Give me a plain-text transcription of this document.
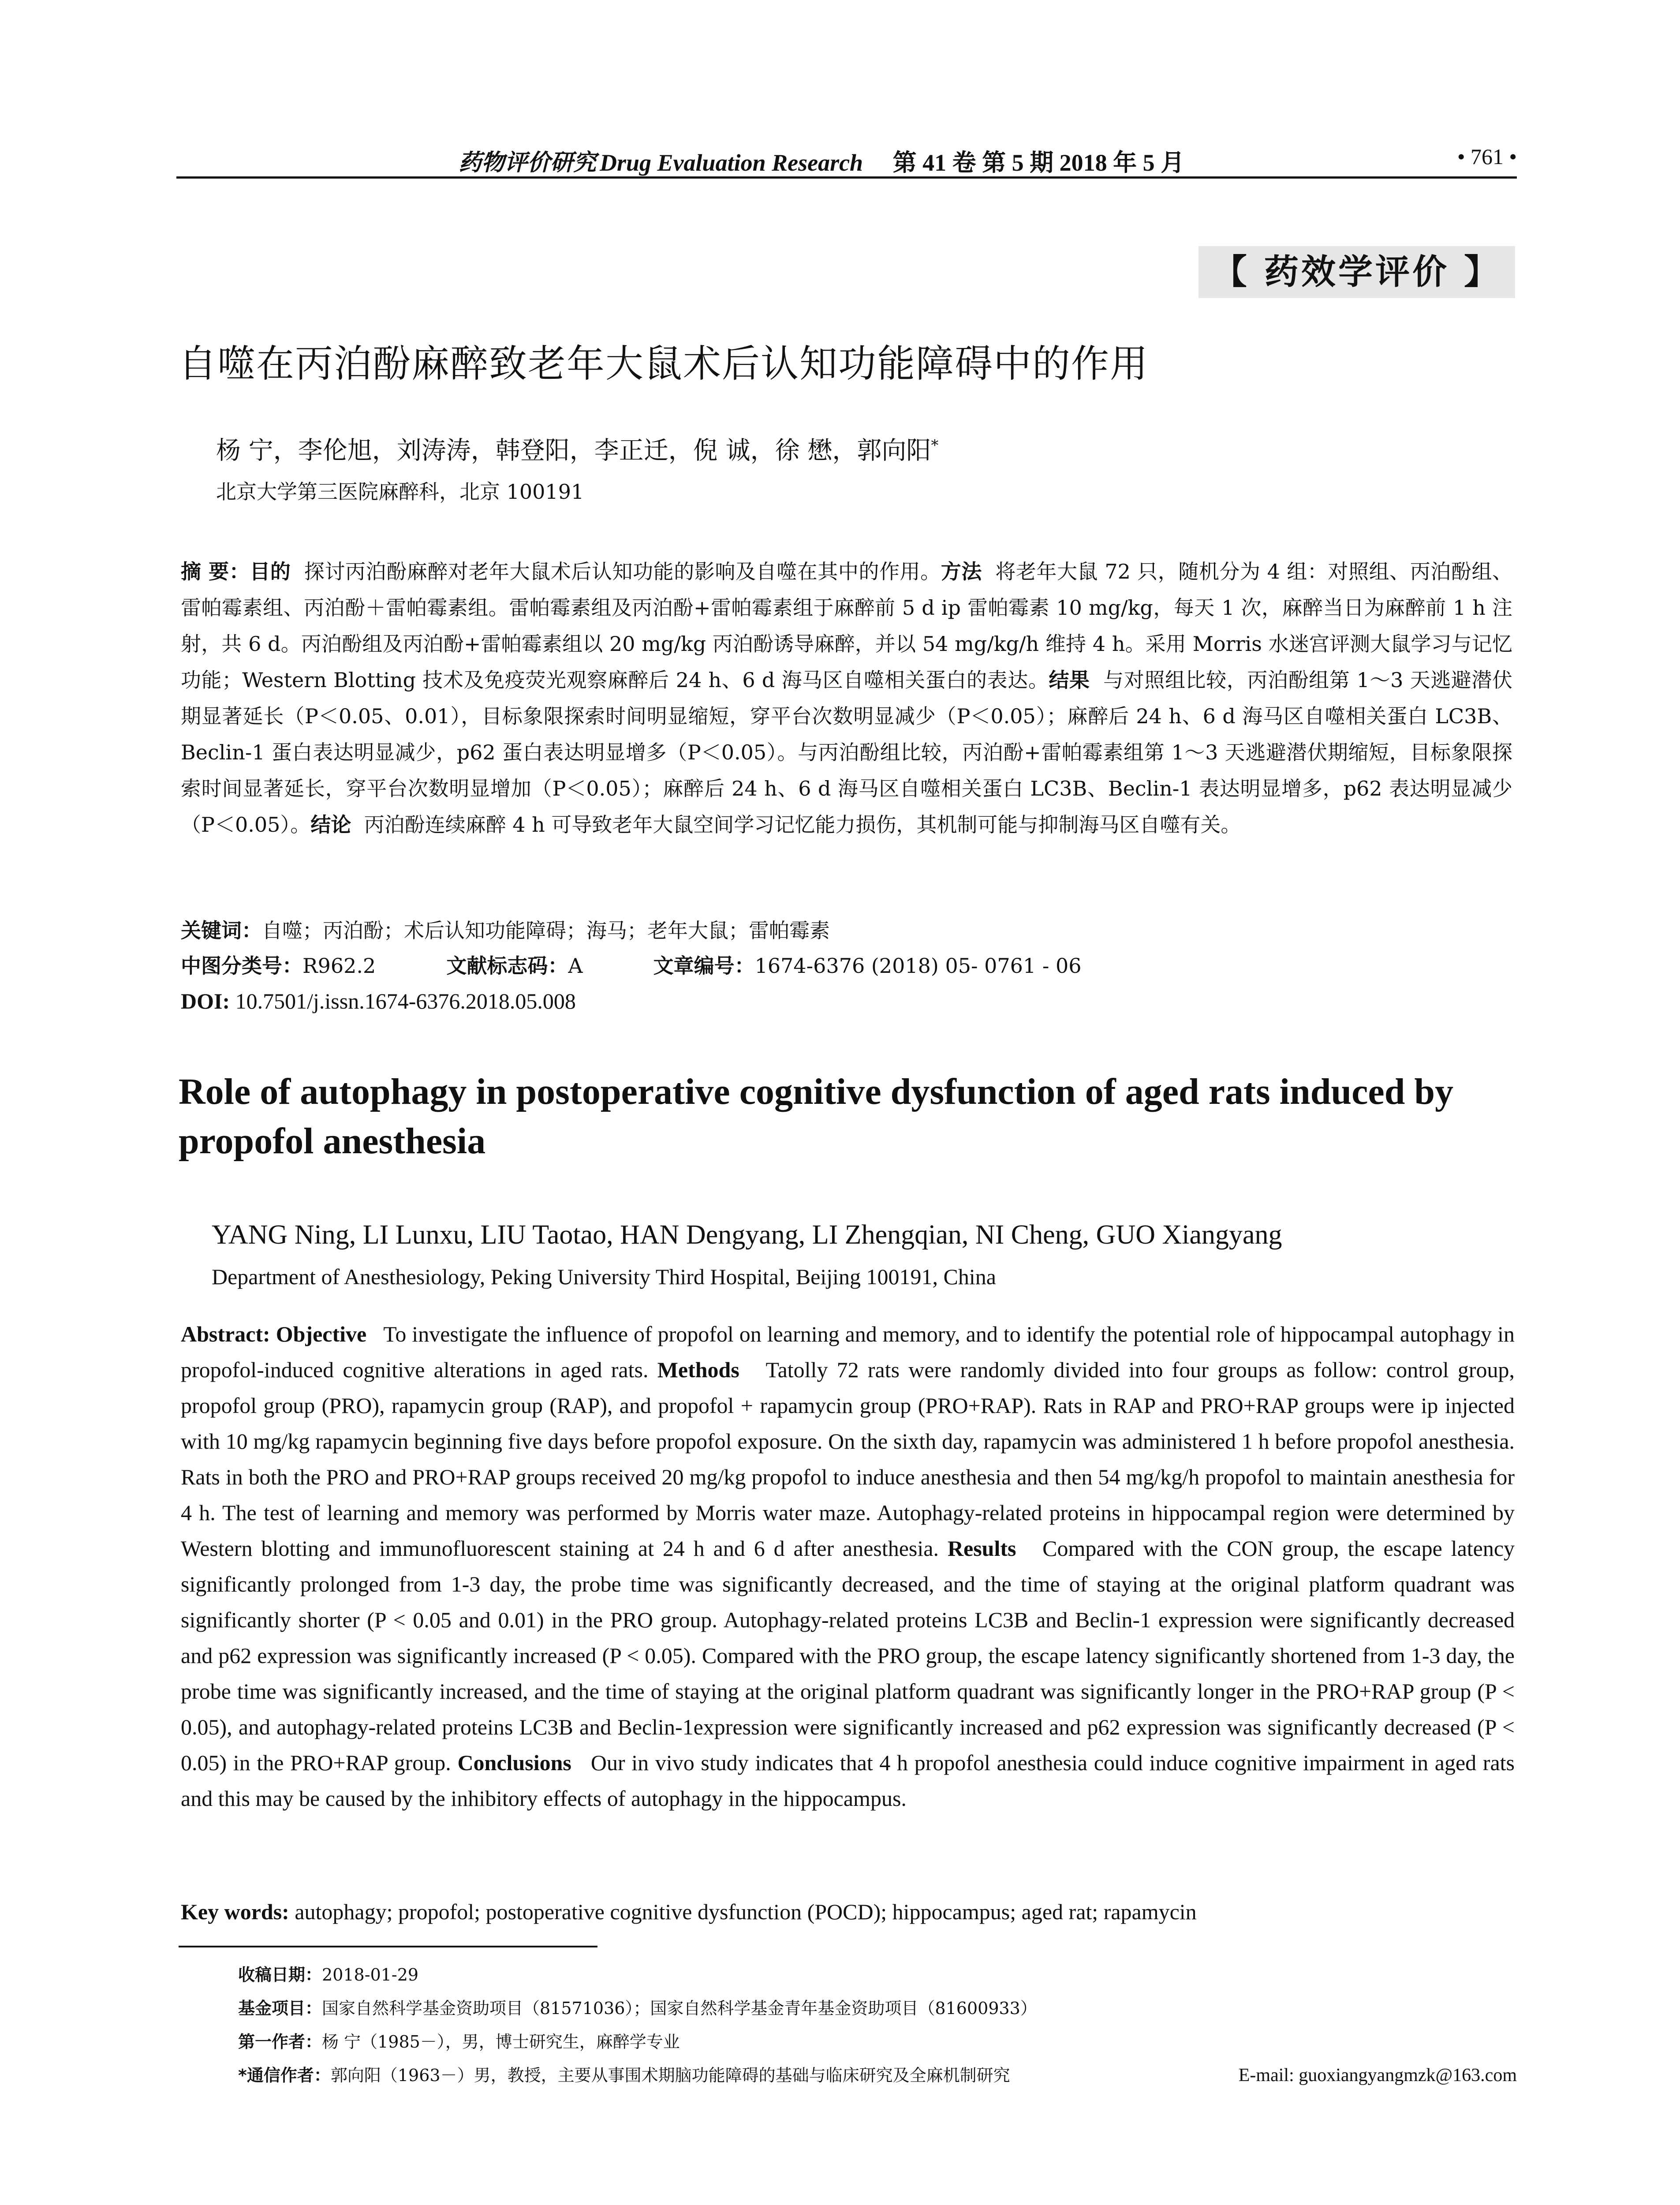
药物评价研究 Drug Evaluation Research 第 41 卷 第 5 期 2018 年 5 月	• 761 •
【 药效学评价 】
自噬在丙泊酚麻醉致老年大鼠术后认知功能障碍中的作用
杨 宁，李伦旭，刘涛涛，韩登阳，李正迁，倪 诚，徐 懋，郭向阳*
北京大学第三医院麻醉科，北京 100191
摘 要：目的 探讨丙泊酚麻醉对老年大鼠术后认知功能的影响及自噬在其中的作用。方法 将老年大鼠 72 只，随机分为 4 组：对照组、丙泊酚组、雷帕霉素组、丙泊酚＋雷帕霉素组。雷帕霉素组及丙泊酚+雷帕霉素组于麻醉前 5 d ip 雷帕霉素 10 mg/kg，每天 1 次，麻醉当日为麻醉前 1 h 注射，共 6 d。丙泊酚组及丙泊酚+雷帕霉素组以 20 mg/kg 丙泊酚诱导麻醉，并以 54 mg/kg/h 维持 4 h。采用 Morris 水迷宫评测大鼠学习与记忆功能；Western Blotting 技术及免疫荧光观察麻醉后 24 h、6 d 海马区自噬相关蛋白的表达。结果 与对照组比较，丙泊酚组第 1～3 天逃避潜伏期显著延长（P＜0.05、0.01），目标象限探索时间明显缩短，穿平台次数明显减少（P＜0.05）；麻醉后 24 h、6 d 海马区自噬相关蛋白 LC3B、Beclin-1 蛋白表达明显减少，p62 蛋白表达明显增多（P＜0.05）。与丙泊酚组比较，丙泊酚+雷帕霉素组第 1～3 天逃避潜伏期缩短，目标象限探索时间显著延长，穿平台次数明显增加（P＜0.05）；麻醉后 24 h、6 d 海马区自噬相关蛋白 LC3B、Beclin-1 表达明显增多，p62 表达明显减少（P＜0.05）。结论 丙泊酚连续麻醉 4 h 可导致老年大鼠空间学习记忆能力损伤，其机制可能与抑制海马区自噬有关。
关键词：自噬；丙泊酚；术后认知功能障碍；海马；老年大鼠；雷帕霉素
中图分类号：R962.2	文献标志码：A	文章编号：1674-6376 (2018) 05- 0761 - 06
DOI: 10.7501/j.issn.1674-6376.2018.05.008
Role of autophagy in postoperative cognitive dysfunction of aged rats induced by propofol anesthesia
YANG Ning, LI Lunxu, LIU Taotao, HAN Dengyang, LI Zhengqian, NI Cheng, GUO Xiangyang
Department of Anesthesiology, Peking University Third Hospital, Beijing 100191, China
Abstract: Objective To investigate the influence of propofol on learning and memory, and to identify the potential role of hippocampal autophagy in propofol-induced cognitive alterations in aged rats. Methods Tatolly 72 rats were randomly divided into four groups as follow: control group, propofol group (PRO), rapamycin group (RAP), and propofol + rapamycin group (PRO+RAP). Rats in RAP and PRO+RAP groups were ip injected with 10 mg/kg rapamycin beginning five days before propofol exposure. On the sixth day, rapamycin was administered 1 h before propofol anesthesia. Rats in both the PRO and PRO+RAP groups received 20 mg/kg propofol to induce anesthesia and then 54 mg/kg/h propofol to maintain anesthesia for 4 h. The test of learning and memory was performed by Morris water maze. Autophagy-related proteins in hippocampal region were determined by Western blotting and immunofluorescent staining at 24 h and 6 d after anesthesia. Results Compared with the CON group, the escape latency significantly prolonged from 1-3 day, the probe time was significantly decreased, and the time of staying at the original platform quadrant was significantly shorter (P < 0.05 and 0.01) in the PRO group. Autophagy-related proteins LC3B and Beclin-1 expression were significantly decreased and p62 expression was significantly increased (P < 0.05). Compared with the PRO group, the escape latency significantly shortened from 1-3 day, the probe time was significantly increased, and the time of staying at the original platform quadrant was significantly longer in the PRO+RAP group (P < 0.05), and autophagy-related proteins LC3B and Beclin-1expression were significantly increased and p62 expression was significantly decreased (P < 0.05) in the PRO+RAP group. Conclusions Our in vivo study indicates that 4 h propofol anesthesia could induce cognitive impairment in aged rats and this may be caused by the inhibitory effects of autophagy in the hippocampus.
Key words: autophagy; propofol; postoperative cognitive dysfunction (POCD); hippocampus; aged rat; rapamycin
收稿日期：2018-01-29
基金项目：国家自然科学基金资助项目（81571036）；国家自然科学基金青年基金资助项目（81600933）
第一作者：杨 宁（1985－），男，博士研究生，麻醉学专业
*通信作者：郭向阳（1963－）男，教授，主要从事围术期脑功能障碍的基础与临床研究及全麻机制研究	E-mail: guoxiangyangmzk@163.com
